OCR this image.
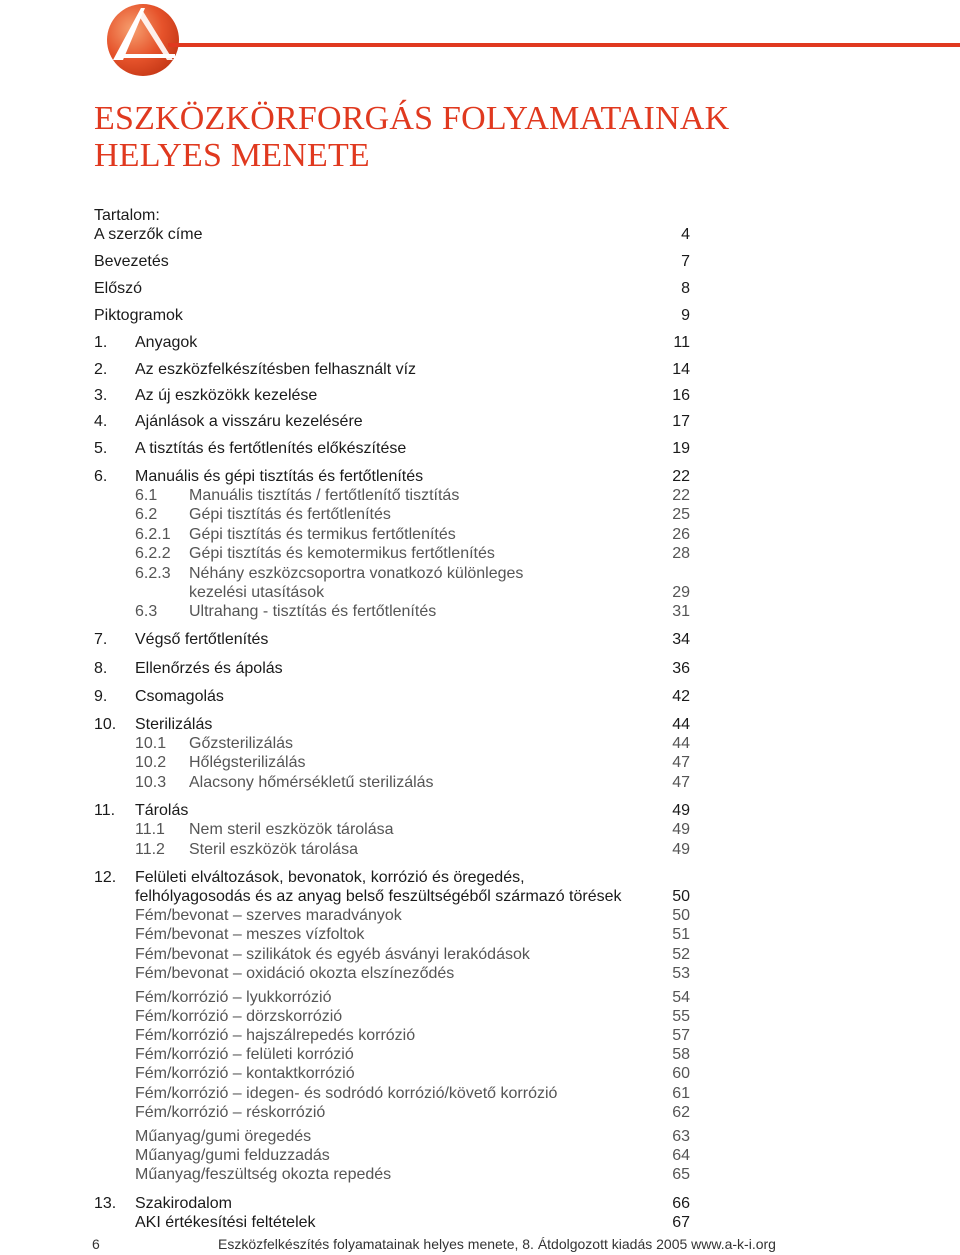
ESZKÖZKÖRFORGÁS FOLYAMATAINAK
HELYES MENETE
Tartalom:
A szerzők címe	4
Bevezetés	7
Előszó	8
Piktogramok	9
1. Anyagok	11
2. Az eszközfelkészítésben felhasznált víz	14
3. Az új eszközökk kezelése	16
4. Ajánlások a visszáru kezelésére	17
5. A tisztítás és fertőtlenítés előkészítése	19
6. Manuális és gépi tisztítás és fertőtlenítés	22
6.1 Manuális tisztítás / fertőtlenítő tisztítás	22
6.2 Gépi tisztítás és fertőtlenítés	25
6.2.1 Gépi tisztítás és termikus fertőtlenítés	26
6.2.2 Gépi tisztítás és kemotermikus fertőtlenítés	28
6.2.3 Néhány eszközcsoportra vonatkozó különleges
kezelési utasítások	29
6.3 Ultrahang - tisztítás és fertőtlenítés	31
7. Végső fertőtlenítés	34
8. Ellenőrzés és ápolás	36
9. Csomagolás	42
10. Sterilizálás	44
10.1 Gőzsterilizálás	44
10.2 Hőlégsterilizálás	47
10.3 Alacsony hőmérsékletű sterilizálás	47
11. Tárolás	49
11.1 Nem steril eszközök tárolása	49
11.2 Steril eszközök tárolása	49
12. Felületi elváltozások, bevonatok, korrózió és öregedés,
felhólyagosodás és az anyag belső feszültségéből származó törések	50
Fém/bevonat – szerves maradványok	50
Fém/bevonat – meszes vízfoltok	51
Fém/bevonat – szilikátok és egyéb ásványi lerakódások	52
Fém/bevonat – oxidáció okozta elszíneződés	53
Fém/korrózió – lyukkorrózió	54
Fém/korrózió – dörzskorrózió	55
Fém/korrózió – hajszálrepedés korrózió	57
Fém/korrózió – felületi korrózió	58
Fém/korrózió – kontaktkorrózió	60
Fém/korrózió – idegen- és sodródó korrózió/követő korrózió	61
Fém/korrózió – réskorrózió	62
Műanyag/gumi öregedés	63
Műanyag/gumi felduzzadás	64
Műanyag/feszültség okozta repedés	65
13. Szakirodalom	66
AKI értékesítési feltételek	67
6	Eszközfelkészítés folyamatainak helyes menete, 8. Átdolgozott kiadás 2005 www.a-k-i.org
